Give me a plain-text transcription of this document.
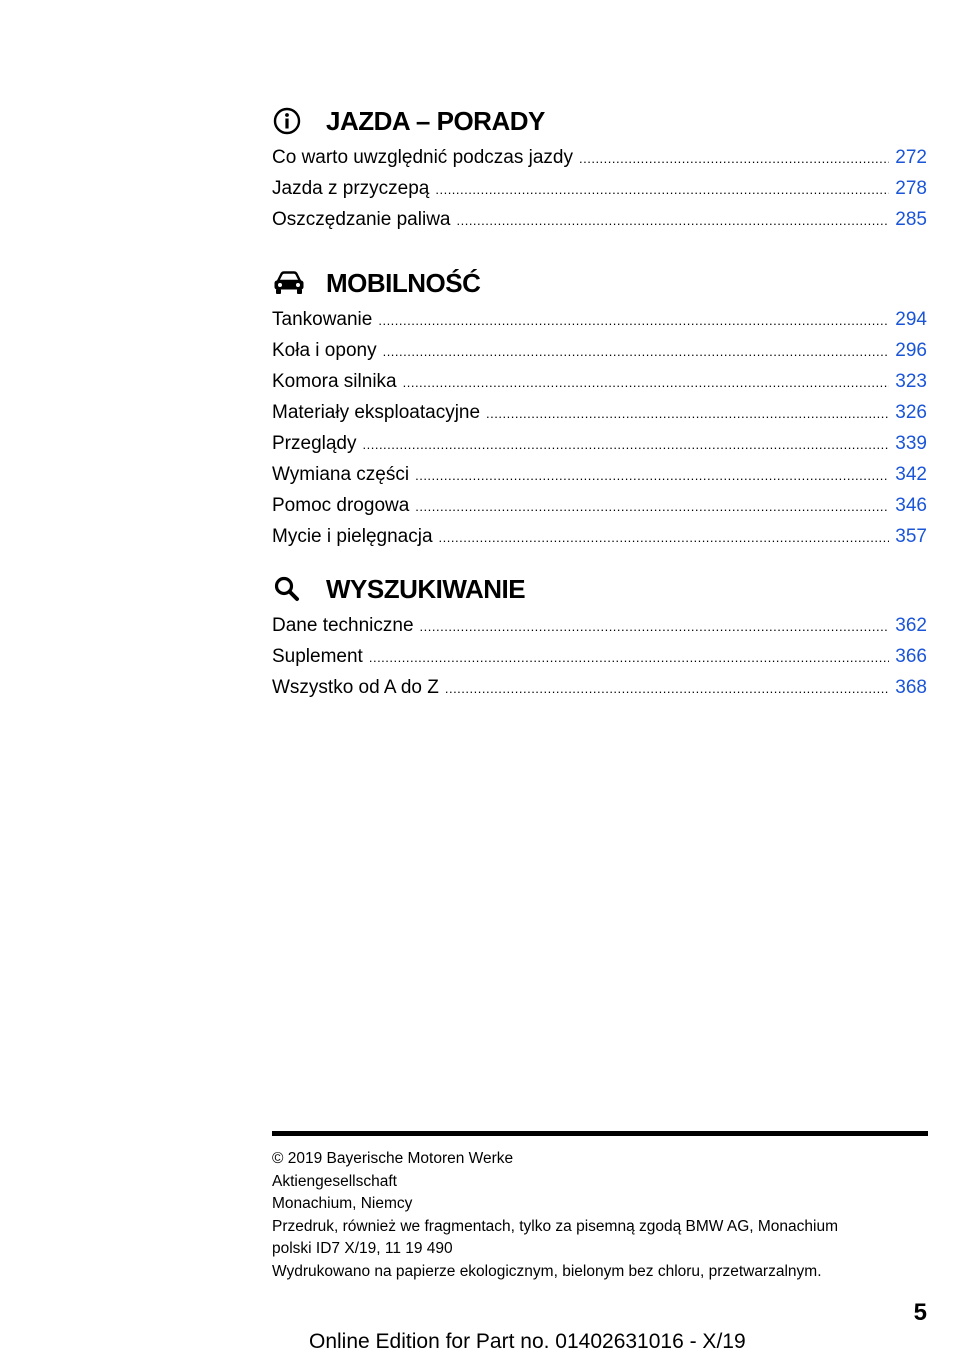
JAZDA – PORADY
Co warto uwzględnić podczas jazdy .....	272
Jazda z przyczepą .....	278
Oszczędzanie paliwa .....	285
MOBILNOŚĆ
Tankowanie .....	294
Koła i opony .....	296
Komora silnika .....	323
Materiały eksploatacyjne .....	326
Przeglądy .....	339
Wymiana części .....	342
Pomoc drogowa .....	346
Mycie i pielęgnacja .....	357
WYSZUKIWANIE
Dane techniczne .....	362
Suplement .....	366
Wszystko od A do Z .....	368
© 2019 Bayerische Motoren Werke
Aktiengesellschaft
Monachium, Niemcy
Przedruk, również we fragmentach, tylko za pisemną zgodą BMW AG, Monachium
polski ID7 X/19, 11 19 490
Wydrukowano na papierze ekologicznym, bielonym bez chloru, przetwarzalnym.
5
Online Edition for Part no. 01402631016 - X/19
